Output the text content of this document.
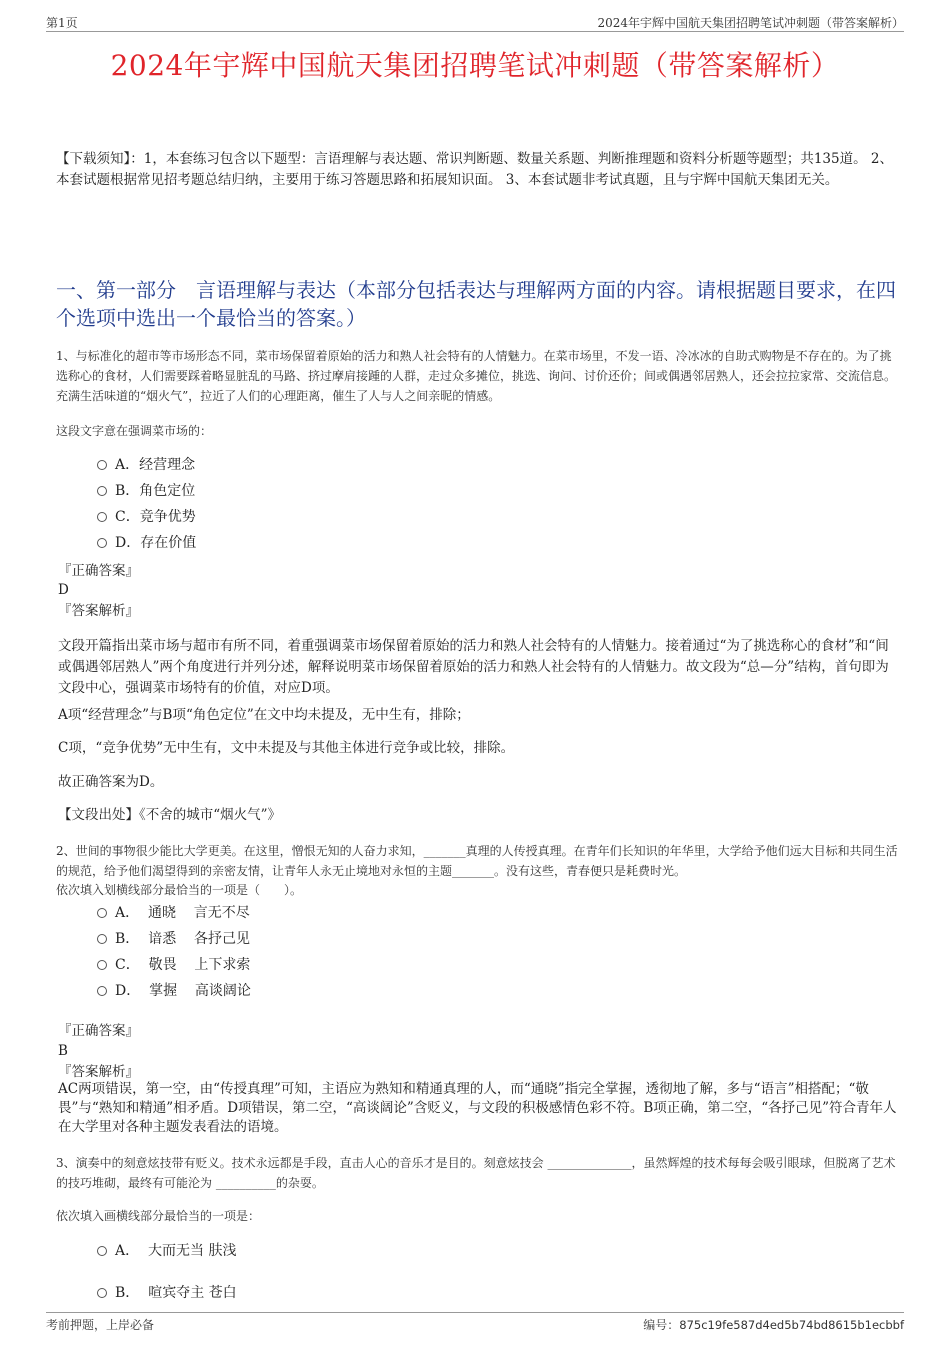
第1页	2024年宇辉中国航天集团招聘笔试冲刺题（带答案解析）
2024年宇辉中国航天集团招聘笔试冲刺题（带答案解析）
【下载须知】：1，本套练习包含以下题型：言语理解与表达题、常识判断题、数量关系题、判断推理题和资料分析题等题型；共135道。 2、本套试题根据常见招考题总结归纳，主要用于练习答题思路和拓展知识面。 3、本套试题非考试真题，且与宇辉中国航天集团无关。
一、第一部分　言语理解与表达（本部分包括表达与理解两方面的内容。请根据题目要求，在四个选项中选出一个最恰当的答案。）
1、与标准化的超市等市场形态不同，菜市场保留着原始的活力和熟人社会特有的人情魅力。在菜市场里，不发一语、冷冰冰的自助式购物是不存在的。为了挑选称心的食材，人们需要踩着略显脏乱的马路、挤过摩肩接踵的人群，走过众多摊位，挑选、询问、讨价还价；间或偶遇邻居熟人，还会拉拉家常、交流信息。充满生活味道的“烟火气”，拉近了人们的心理距离，催生了人与人之间亲昵的情感。
这段文字意在强调菜市场的：
A．经营理念
B．角色定位
C．竞争优势
D．存在价值
『正确答案』
D
『答案解析』
文段开篇指出菜市场与超市有所不同，着重强调菜市场保留着原始的活力和熟人社会特有的人情魅力。接着通过“为了挑选称心的食材”和“间或偶遇邻居熟人”两个角度进行并列分述，解释说明菜市场保留着原始的活力和熟人社会特有的人情魅力。故文段为“总—分”结构，首句即为文段中心，强调菜市场特有的价值，对应D项。
A项“经营理念”与B项“角色定位”在文中均未提及，无中生有，排除；
C项，“竞争优势”无中生有，文中未提及与其他主体进行竞争或比较，排除。
故正确答案为D。
【文段出处】《不舍的城市“烟火气”》
2、世间的事物很少能比大学更美。在这里，憎恨无知的人奋力求知，_______真理的人传授真理。在青年们长知识的年华里，大学给予他们远大目标和共同生活的规范，给予他们渴望得到的亲密友情，让青年人永无止境地对永恒的主题_______。没有这些，青春便只是耗费时光。
依次填入划横线部分最恰当的一项是（　　）。
A．  通晓    言无不尽
B．  谙悉    各抒己见
C．  敬畏    上下求索
D．  掌握    高谈阔论
『正确答案』
B
『答案解析』
AC两项错误，第一空，由“传授真理”可知，主语应为熟知和精通真理的人，而“通晓”指完全掌握，透彻地了解，多与“语言”相搭配；“敬畏”与“熟知和精通”相矛盾。D项错误，第二空，“高谈阔论”含贬义，与文段的积极感情色彩不符。B项正确，第二空，“各抒己见”符合青年人在大学里对各种主题发表看法的语境。
3、演奏中的刻意炫技带有贬义。技术永远都是手段，直击人心的音乐才是目的。刻意炫技会 ______________，虽然辉煌的技术每每会吸引眼球，但脱离了艺术的技巧堆砌，最终有可能沦为 __________的杂耍。
依次填入画横线部分最恰当的一项是：
A．  大而无当 肤浅
B．  喧宾夺主 苍白
考前押题，上岸必备	编号：875c19fe587d4ed5b74bd8615b1ecbbf
